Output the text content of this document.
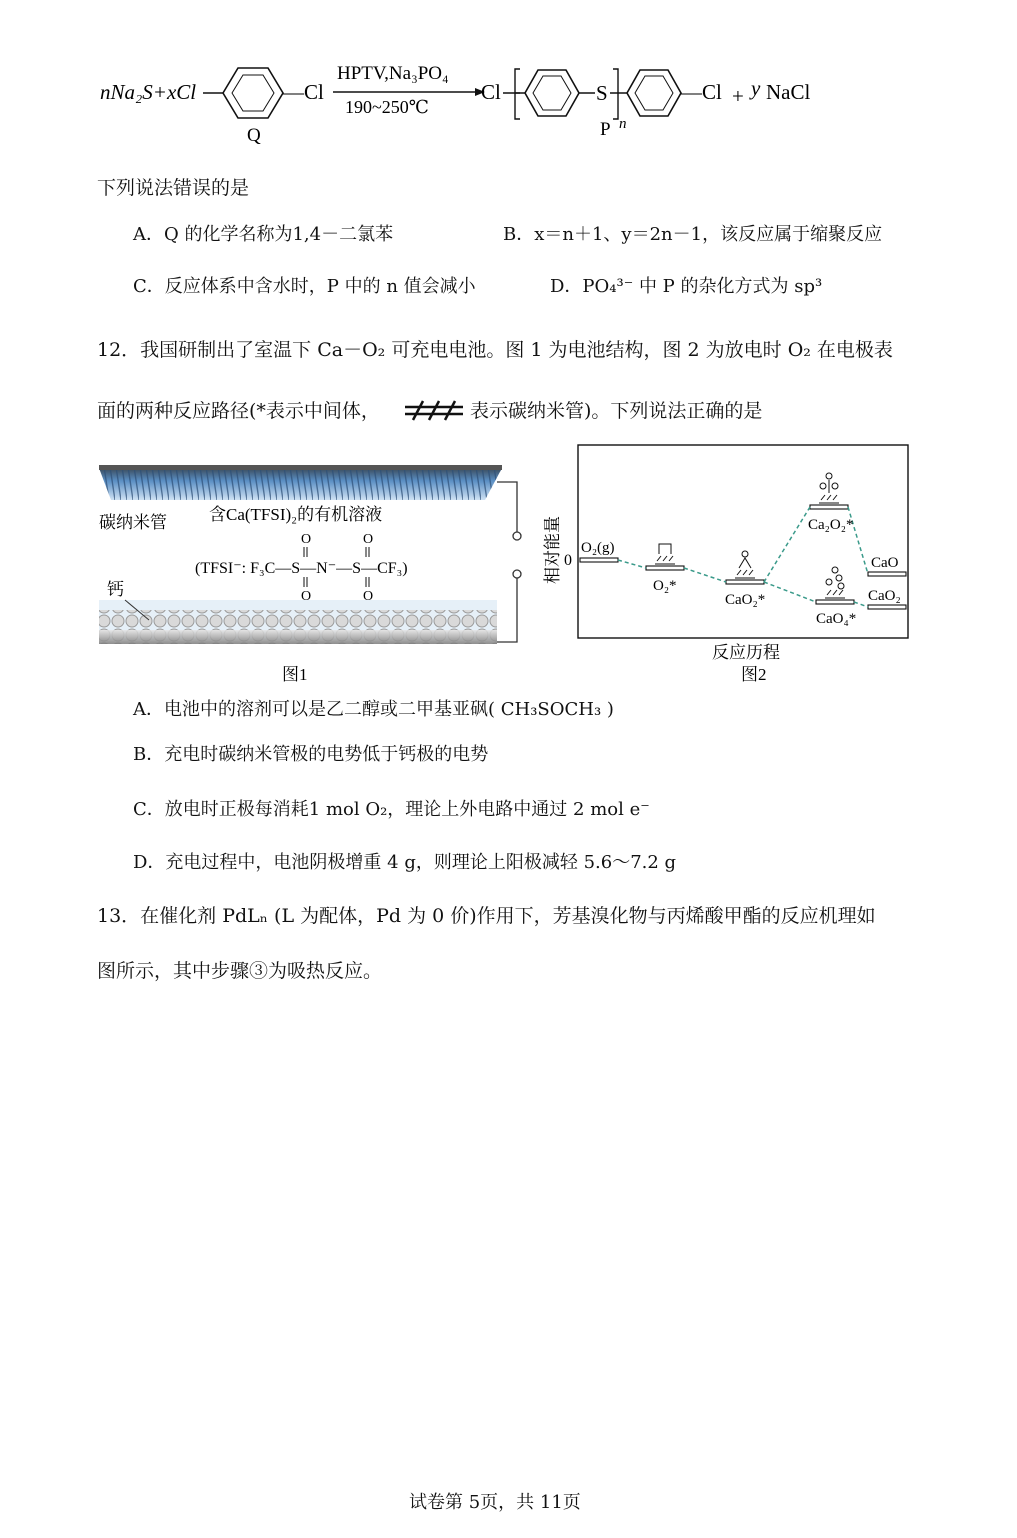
nNa₂S+xCl	—Cl
Q
HPTV,Na₃PO₄
190~250℃
Cl	S
n
—Cl
P
+ y NaCl
下列说法错误的是
A．Q 的化学名称为1,4－二氯苯	B．x＝n＋1、y＝2n－1，该反应属于缩聚反应
C．反应体系中含水时，P 中的 n 值会减小	D．PO₄³⁻ 中 P 的杂化方式为 sp³
12．我国研制出了室温下 Ca－O₂ 可充电电池。图 1 为电池结构，图 2 为放电时 O₂ 在电极表
面的两种反应路径(*表示中间体，	表示碳纳米管)。下列说法正确的是
碳纳米管 含Ca(TFSI)₂的有机溶液
(TFSI⁻: F₃C—S—N⁻—S—CF₃)
O	O
O	O
钙
图1
相对能量 0
O₂(g)
O₂*
CaO₂*
Ca₂O₂*
CaO₄*
CaO
CaO₂
反应历程
图2
A．电池中的溶剂可以是乙二醇或二甲基亚砜( CH₃SOCH₃ )
B．充电时碳纳米管极的电势低于钙极的电势
C．放电时正极每消耗1 mol O₂，理论上外电路中通过 2 mol e⁻
D．充电过程中，电池阴极增重 4 g，则理论上阳极减轻 5.6～7.2 g
13．在催化剂 PdLₙ (L 为配体，Pd 为 0 价)作用下，芳基溴化物与丙烯酸甲酯的反应机理如
图所示，其中步骤③为吸热反应。
试卷第 5页，共 11页
